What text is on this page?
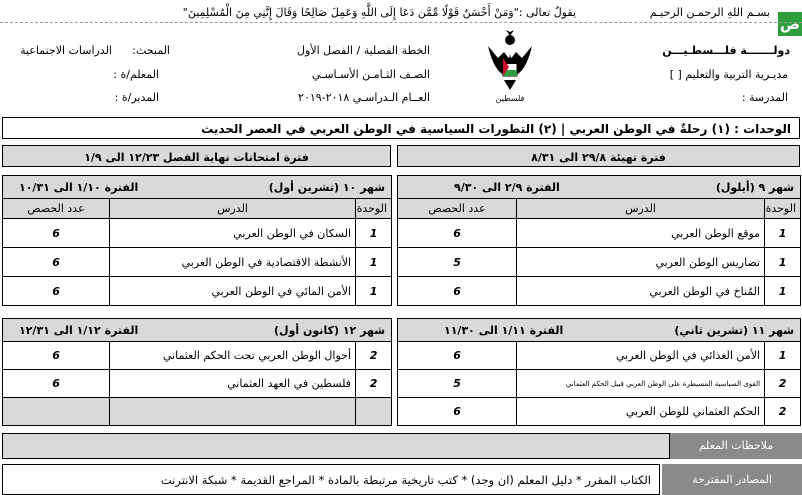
ض
بسـم اللهِ الرحمـن الرحيـم
يقولُ تعالى :"وَمَنْ أَحْسَنُ قَوْلًا مِّمَّن دَعَا إِلَى اللَّهِ وَعَمِلَ صَالِحًا وَقَالَ إِنَّنِي مِنَ الْمُسْلِمِينَ"
دولـــــــة فلـــسطـيـــن
مديـرية التربية والتعليم [ ]
المدرسة :
فلسطين
الخطة الفصلية / الفصل الأول
الصـف الثـامـن الأسـاسـي
العــام الـدراسـي ٢٠١٨-٢٠١٩
المبحث:
الدراسات الاجتماعية
المعلم/ة :
المدير/ة :
الوحدات : (١) رحلةٌ في الوطن العربي | (٢) التطورات السياسية في الوطن العربي في العصر الحديث
فترة تهيئة ٢٩/٨ الى ٨/٣١
فترة امتحانات نهاية الفصل ١٢/٢٣ الى ١/٩
شهر ٩ (أيلول)
الفترة ٢/٩ الى ٩/٣٠		

الوحدة	الدرس	عدد الحصص
1	موقع الوطن العربي	6
1	تضاريس الوطن العربي	5
1	المُناخ في الوطن العربي	6
شهر ١٠ (تشرين أول)
الفترة ١/١٠ الى ١٠/٣١		

الوحدة	الدرس	عدد الحصص
1	السكان في الوطن العربي	6
1	الأنشطة الاقتصادية في الوطن العربي	6
1	الأمن المائي في الوطن العربي	6
شهر ١١ (تشرين ثاني)
الفترة ١/١١ الى ١١/٣٠		

1	الأمن الغذائي في الوطن العربي	6
2	القوى السياسية المسيطرة على الوطن العربي قبيل الحكم العثماني	5
2	الحكم العثماني للوطن العربي	6
شهر ١٢ (كانون أول)
الفترة ١/١٢ الى ١٢/٣١		

2	أحوال الوطن العربي تحت الحكم العثماني	6
2	فلسطين في العهد العثماني	6

ملاحظات المعلم
الكتاب المقرر * دليل المعلم (ان وجد) * كتب تاريخية مرتبطة بالمادة * المراجع القديمة * شبكة الانترنت	المصادر المقترحة
